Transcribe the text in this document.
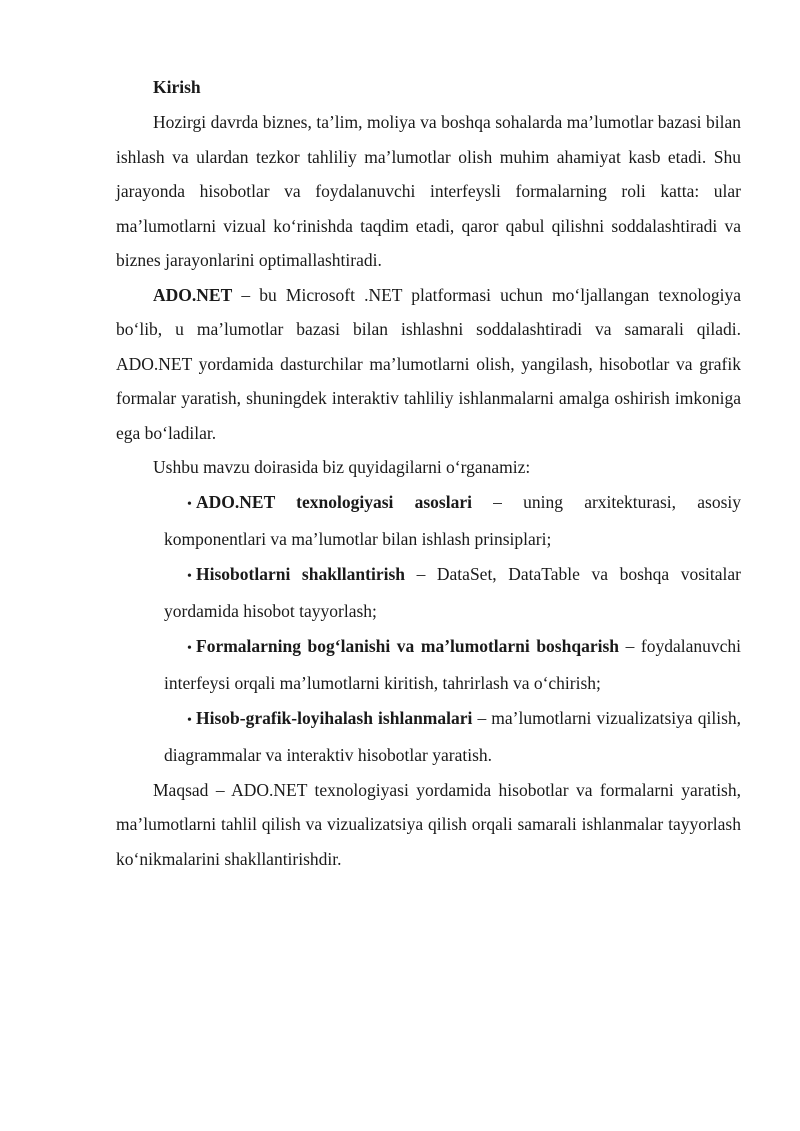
Kirish

Hozirgi davrda biznes, ta’lim, moliya va boshqa sohalarda ma’lumotlar bazasi bilan ishlash va ulardan tezkor tahliliy ma’lumotlar olish muhim ahamiyat kasb etadi. Shu jarayonda hisobotlar va foydalanuvchi interfeysli formalarning roli katta: ular ma’lumotlarni vizual ko‘rinishda taqdim etadi, qaror qabul qilishni soddalashtiradi va biznes jarayonlarini optimallashtiradi.

ADO.NET – bu Microsoft .NET platformasi uchun mo‘ljallangan texnologiya bo‘lib, u ma’lumotlar bazasi bilan ishlashni soddalashtiradi va samarali qiladi. ADO.NET yordamida dasturchilar ma’lumotlarni olish, yangilash, hisobotlar va grafik formalar yaratish, shuningdek interaktiv tahliliy ishlanmalarni amalga oshirish imkoniga ega bo‘ladilar.

Ushbu mavzu doirasida biz quyidagilarni o‘rganamiz:

• ADO.NET texnologiyasi asoslari – uning arxitekturasi, asosiy komponentlari va ma’lumotlar bilan ishlash prinsiplari;
• Hisobotlarni shakllantirish – DataSet, DataTable va boshqa vositalar yordamida hisobot tayyorlash;
• Formalarning bog‘lanishi va ma’lumotlarni boshqarish – foydalanuvchi interfeysi orqali ma’lumotlarni kiritish, tahrirlash va o‘chirish;
• Hisob-grafik-loyihalash ishlanmalari – ma’lumotlarni vizualizatsiya qilish, diagrammalar va interaktiv hisobotlar yaratish.

Maqsad – ADO.NET texnologiyasi yordamida hisobotlar va formalarni yaratish, ma’lumotlarni tahlil qilish va vizualizatsiya qilish orqali samarali ishlanmalar tayyorlash ko‘nikmalarini shakllantirishdir.
